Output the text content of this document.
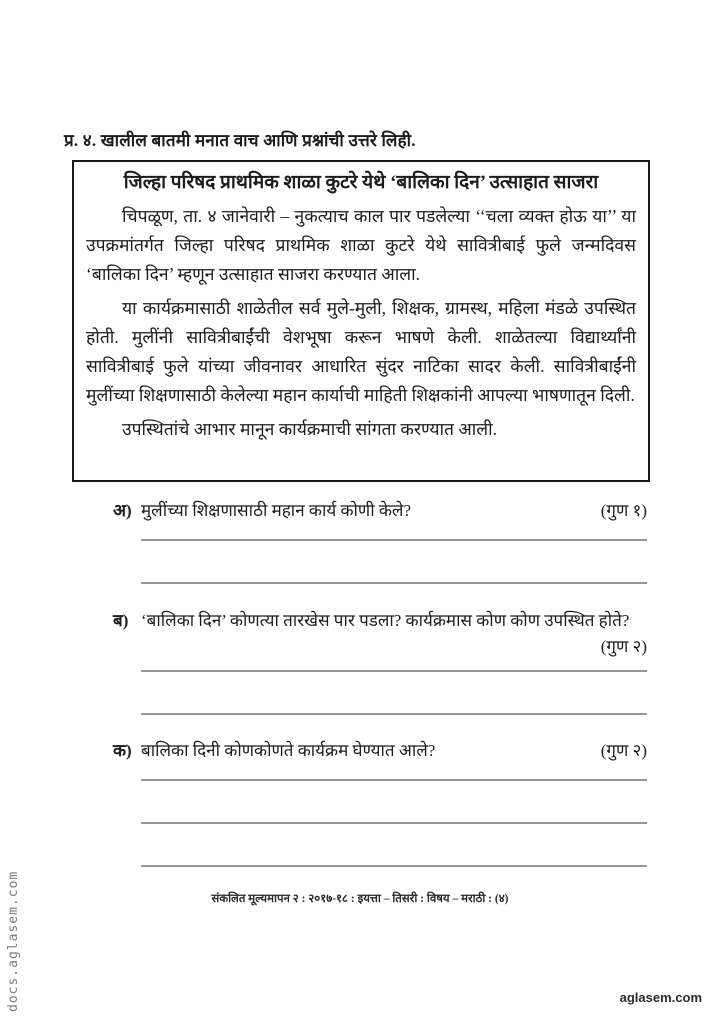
प्र. ४. खालील बातमी मनात वाच आणि प्रश्नांची उत्तरे लिही.
जिल्हा परिषद प्राथमिक शाळा कुटरे येथे ‘बालिका दिन’ उत्साहात साजरा

चिपळूण, ता. ४ जानेवारी – नुकत्याच काल पार पडलेल्या ‘‘चला व्यक्त होऊ या’’ या उपक्रमांतर्गत जिल्हा परिषद प्राथमिक शाळा कुटरे येथे सावित्रीबाई फुले जन्मदिवस ‘बालिका दिन’ म्हणून उत्साहात साजरा करण्यात आला.

या कार्यक्रमासाठी शाळेतील सर्व मुले-मुली, शिक्षक, ग्रामस्थ, महिला मंडळे उपस्थित होती. मुलींनी सावित्रीबाईंची वेशभूषा करून भाषणे केली. शाळेतल्या विद्यार्थ्यांनी सावित्रीबाई फुले यांच्या जीवनावर आधारित सुंदर नाटिका सादर केली. सावित्रीबाईंनी मुलींच्या शिक्षणासाठी केलेल्या महान कार्याची माहिती शिक्षकांनी आपल्या भाषणातून दिली.

उपस्थितांचे आभार मानून कार्यक्रमाची सांगता करण्यात आली.

अ) मुलींच्या शिक्षणासाठी महान कार्य कोणी केले?	(गुण १)
ब) ‘बालिका दिन’ कोणत्या तारखेस पार पडला? कार्यक्रमास कोण कोण उपस्थित होते?
(गुण २)
क) बालिका दिनी कोणकोणते कार्यक्रम घेण्यात आले?	(गुण २)
संकलित मूल्यमापन २ : २०१७-१८ : इयत्ता – तिसरी : विषय – मराठी : (४)
docs.aglasem.com	aglasem.com
